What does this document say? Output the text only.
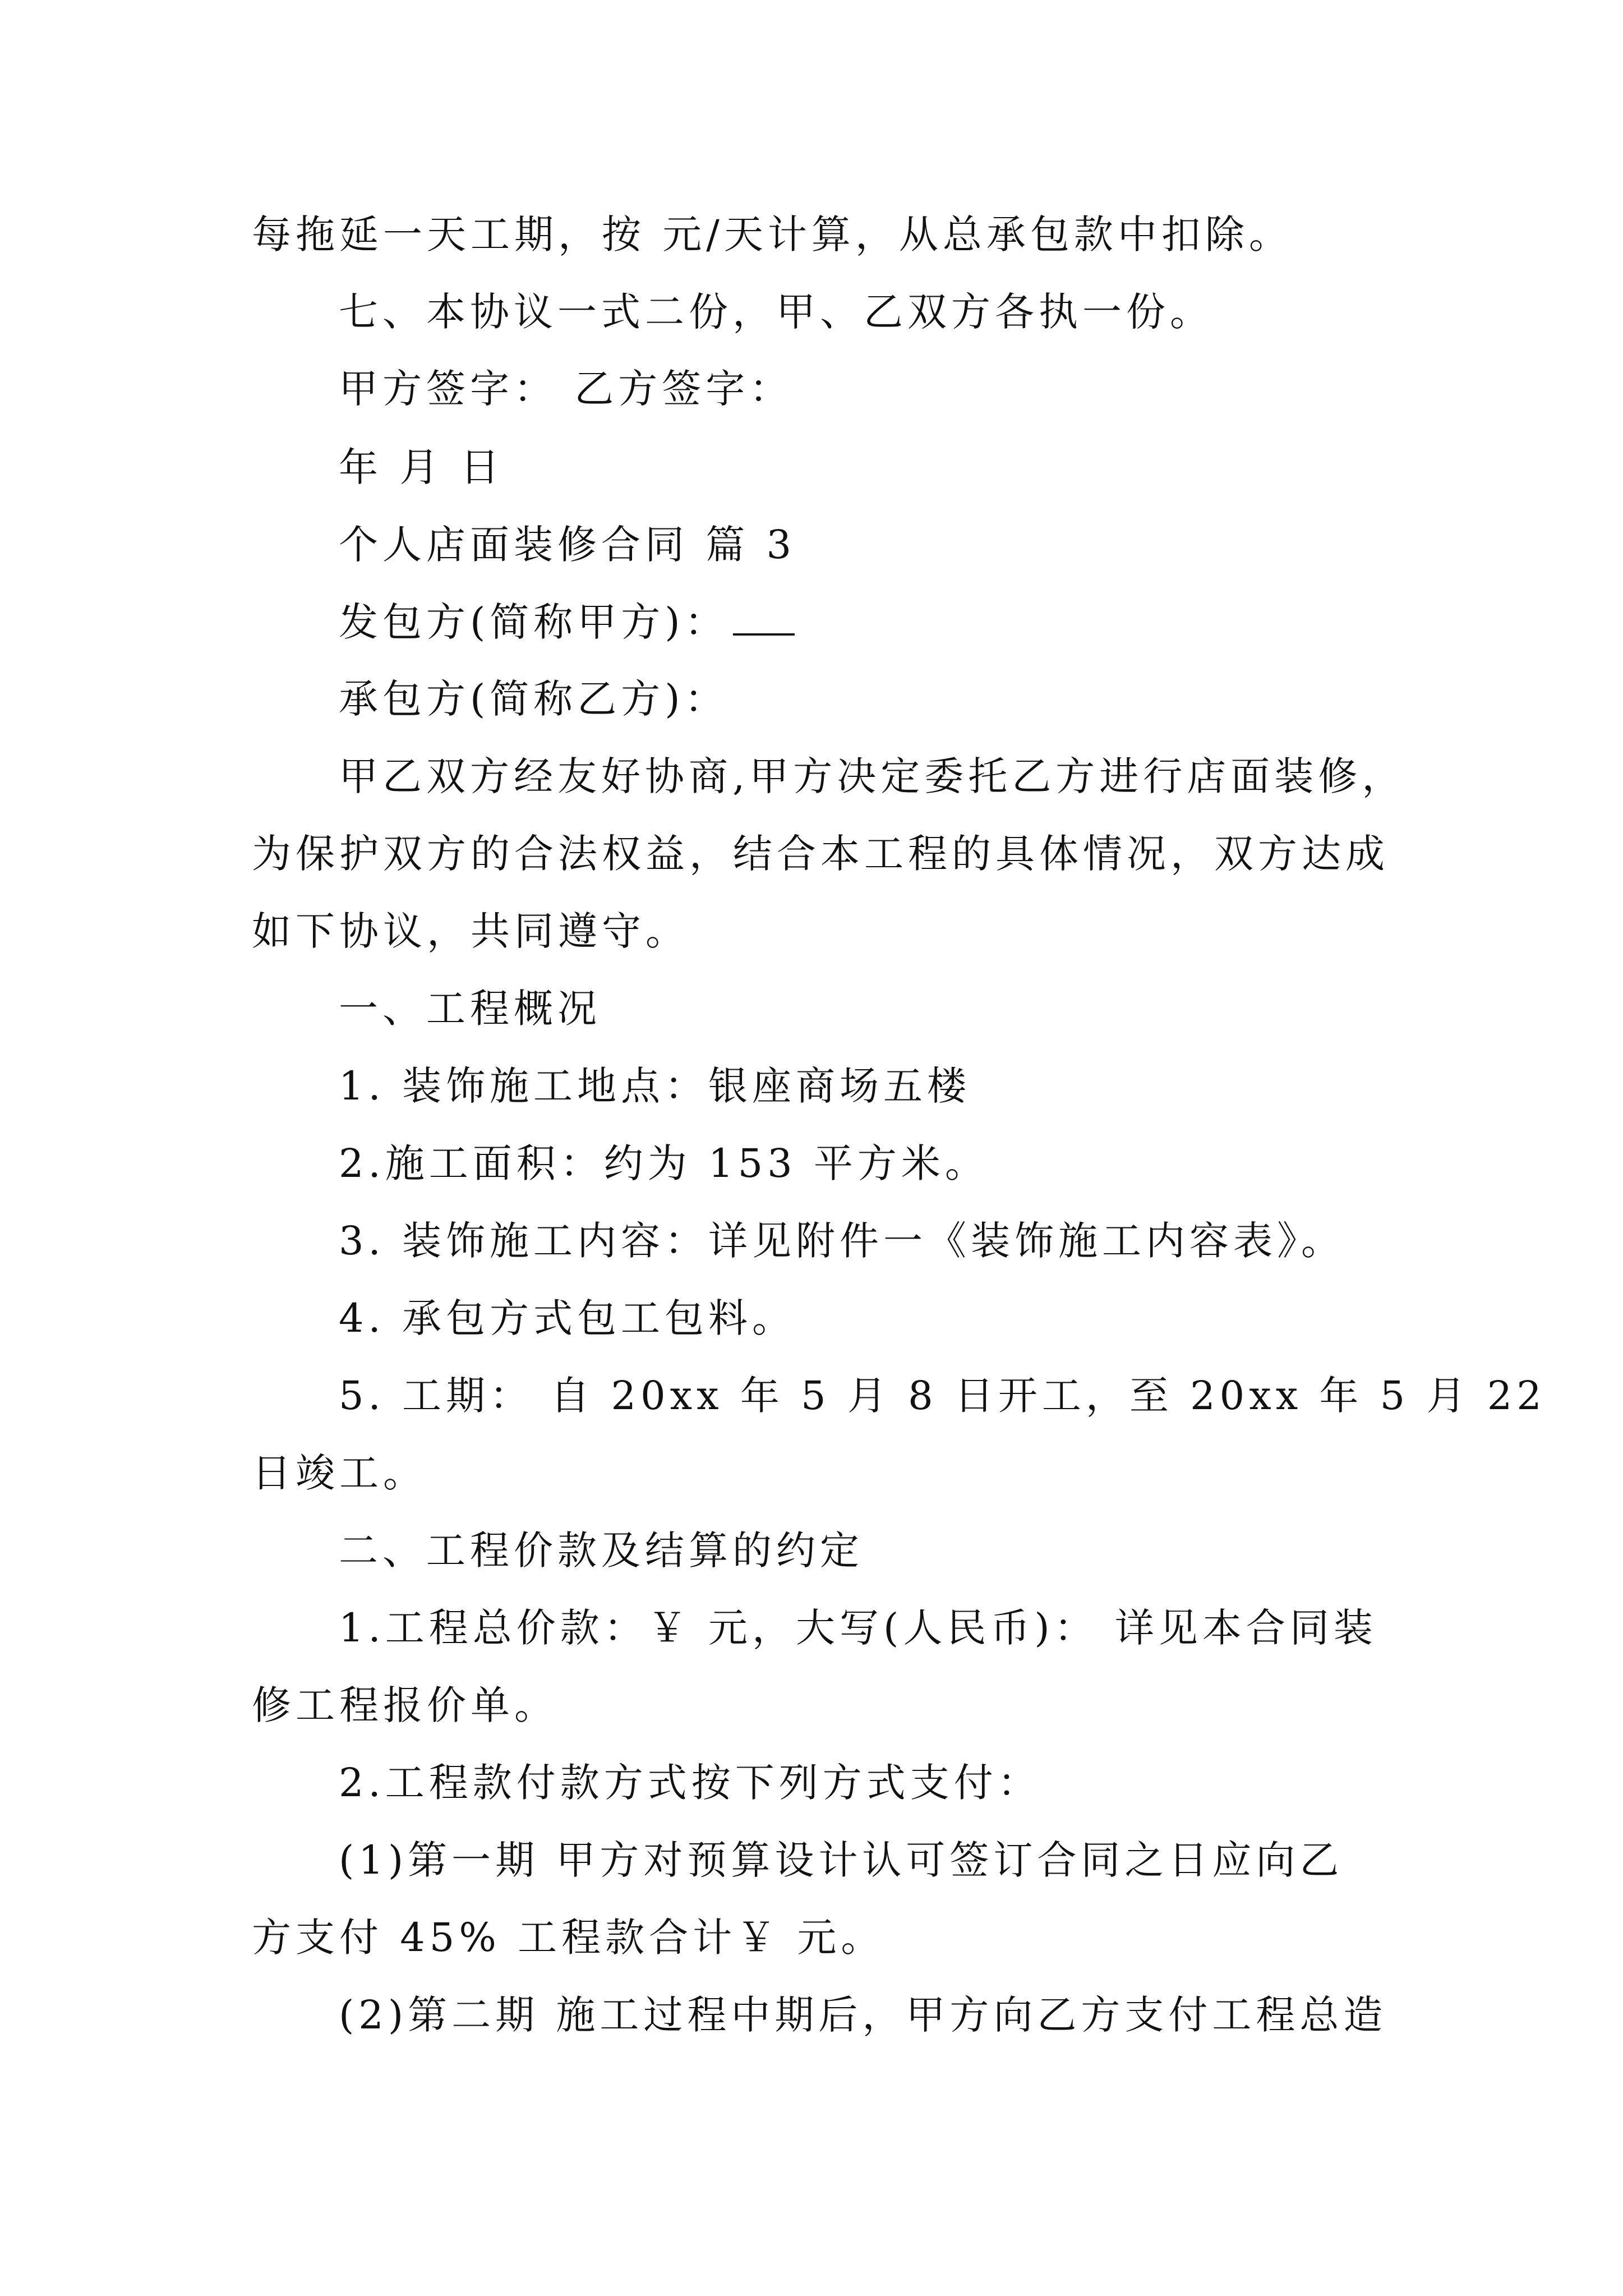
每拖延一天工期，按 元/天计算，从总承包款中扣除。

七、本协议一式二份，甲、乙双方各执一份。

甲方签字： 乙方签字：

年 月 日

个人店面装修合同 篇 3

发包方(简称甲方)：

承包方(简称乙方)：

甲乙双方经友好协商,甲方决定委托乙方进行店面装修，

为保护双方的合法权益，结合本工程的具体情况，双方达成

如下协议，共同遵守。

一、工程概况

1. 装饰施工地点：银座商场五楼

2.施工面积：约为 153 平方米。

3. 装饰施工内容：详见附件一《装饰施工内容表》。

4. 承包方式包工包料。

5. 工期： 自 20xx 年 5 月 8 日开工，至 20xx 年 5 月 22

日竣工。

二、工程价款及结算的约定

1.工程总价款：￥ 元，大写(人民币)： 详见本合同装

修工程报价单。

2.工程款付款方式按下列方式支付：

(1)第一期 甲方对预算设计认可签订合同之日应向乙

方支付 45% 工程款合计￥ 元。

(2)第二期 施工过程中期后，甲方向乙方支付工程总造
